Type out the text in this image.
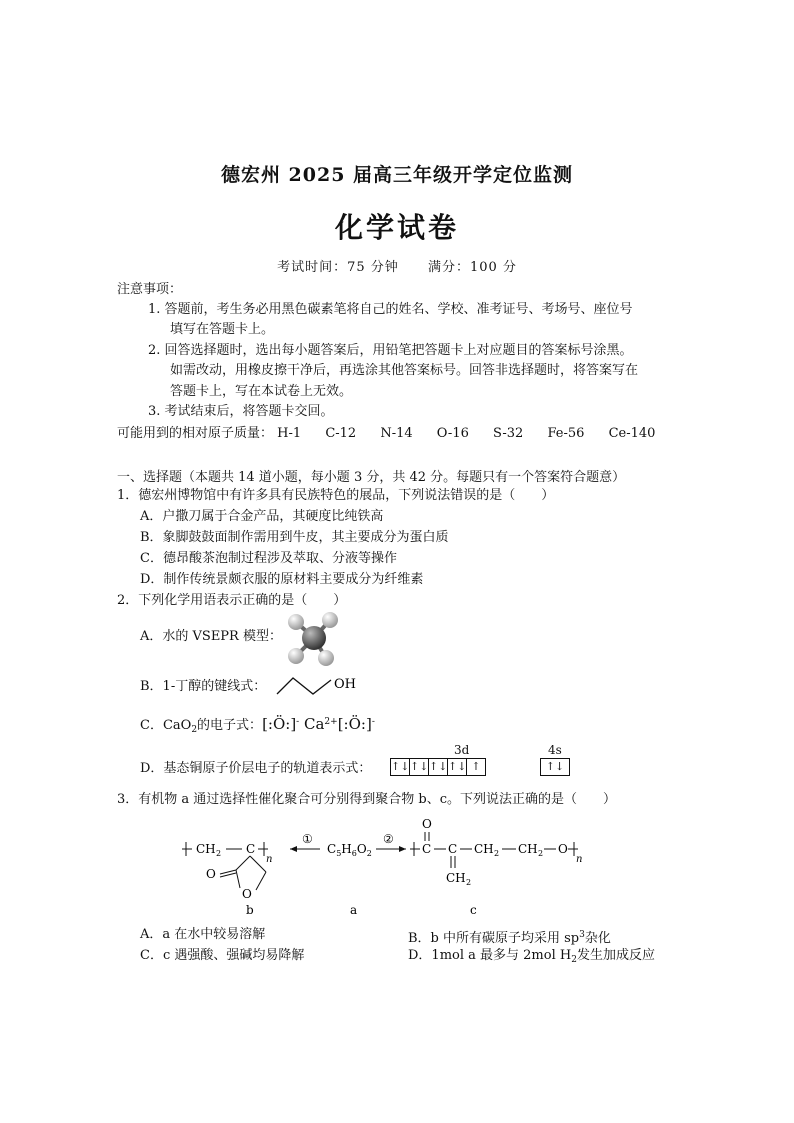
德宏州 2025 届高三年级开学定位监测
化学试卷
考试时间：75 分钟 满分：100 分
注意事项：
1. 答题前，考生务必用黑色碳素笔将自己的姓名、学校、准考证号、考场号、座位号
填写在答题卡上。
2. 回答选择题时，选出每小题答案后，用铅笔把答题卡上对应题目的答案标号涂黑。
如需改动，用橡皮擦干净后，再选涂其他答案标号。回答非选择题时，将答案写在
答题卡上，写在本试卷上无效。
3. 考试结束后，将答题卡交回。
可能用到的相对原子质量： H-1 C-12 N-14 O-16 S-32 Fe-56 Ce-140
一、选择题（本题共 14 道小题，每小题 3 分，共 42 分。每题只有一个答案符合题意）
1．德宏州博物馆中有许多具有民族特色的展品，下列说法错误的是（　　）
A．户撒刀属于合金产品，其硬度比纯铁高
B．象脚鼓鼓面制作需用到牛皮，其主要成分为蛋白质
C．德昂酸茶泡制过程涉及萃取、分液等操作
D．制作传统景颇衣服的原材料主要成分为纤维素
2．下列化学用语表示正确的是（　　）
A．水的 VSEPR 模型：
B．1-丁醇的键线式：	OH
C．CaO$_2$的电子式：[:Ö:]- $Ca^{2+}[:Ö:]^-$
D．基态铜原子价层电子的轨道表示式：
3d	4s
↑↓ ↑↓ ↑↓ ↑↓ ↑	↑↓
3．有机物 a 通过选择性催化聚合可分别得到聚合物 b、c。下列说法正确的是（　　）
CH 2 C
n
O
O
①
$C_5H_6O_2$
②
C
O
C
CH 2
CH 2 CH 2 O
n
b	a	c
A．a 在水中较易溶解	B．b 中所有碳原子均采用 $sp^3$杂化
C．c 遇强酸、强碱均易降解	D．1mol a 最多与 2mol $H_2$发生加成反应
